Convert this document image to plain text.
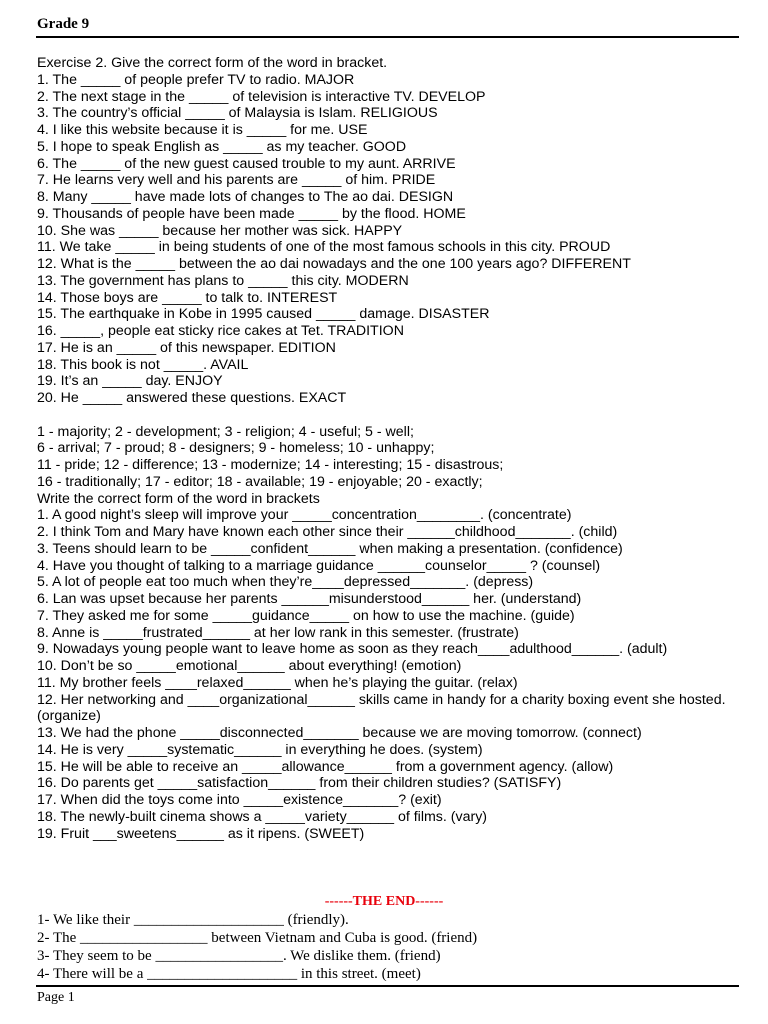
Grade 9
Exercise 2. Give the correct form of the word in bracket.
1. The _____ of people prefer TV to radio. MAJOR
2. The next stage in the _____ of television is interactive TV. DEVELOP
3. The country’s official _____ of Malaysia is Islam. RELIGIOUS
4. I like this website because it is _____ for me. USE
5. I hope to speak English as _____ as my teacher. GOOD
6. The _____ of the new guest caused trouble to my aunt. ARRIVE
7. He learns very well and his parents are _____ of him. PRIDE
8. Many _____ have made lots of changes to The ao dai. DESIGN
9. Thousands of people have been made _____ by the flood. HOME
10. She was _____ because her mother was sick. HAPPY
11. We take _____ in being students of one of the most famous schools in this city. PROUD
12. What is the _____ between the ao dai nowadays and the one 100 years ago? DIFFERENT
13. The government has plans to _____ this city. MODERN
14. Those boys are _____ to talk to. INTEREST
15. The earthquake in Kobe in 1995 caused _____ damage. DISASTER
16. _____, people eat sticky rice cakes at Tet. TRADITION
17. He is an _____ of this newspaper. EDITION
18. This book is not _____. AVAIL
19. It’s an _____ day. ENJOY
20. He _____ answered these questions. EXACT
1 - majority; 2 - development; 3 - religion; 4 - useful; 5 - well;
6 - arrival; 7 - proud; 8 - designers; 9 - homeless; 10 - unhappy;
11 - pride; 12 - difference; 13 - modernize; 14 - interesting; 15 - disastrous;
16 - traditionally; 17 - editor; 18 - available; 19 - enjoyable; 20 - exactly;
Write the correct form of the word in brackets
1. A good night’s sleep will improve your _____concentration________. (concentrate)
2. I think Tom and Mary have known each other since their ______childhood_______. (child)
3. Teens should learn to be _____confident______ when making a presentation. (confidence)
4. Have you thought of talking to a marriage guidance ______counselor_____ ? (counsel)
5. A lot of people eat too much when they’re____depressed_______. (depress)
6. Lan was upset because her parents ______misunderstood______ her. (understand)
7. They asked me for some _____guidance_____ on how to use the machine. (guide)
8. Anne is _____frustrated______ at her low rank in this semester. (frustrate)
9. Nowadays young people want to leave home as soon as they reach____adulthood______. (adult)
10. Don’t be so _____emotional______ about everything! (emotion)
11. My brother feels ____relaxed______ when he’s playing the guitar. (relax)
12. Her networking and ____organizational______ skills came in handy for a charity boxing event she hosted. (organize)
13. We had the phone _____disconnected_______ because we are moving tomorrow. (connect)
14. He is very _____systematic______ in everything he does. (system)
15. He will be able to receive an _____allowance______ from a government agency. (allow)
16. Do parents get _____satisfaction______ from their children studies? (SATISFY)
17. When did the toys come into _____existence_______? (exit)
18. The newly-built cinema shows a _____variety______ of films. (vary)
19. Fruit ___sweetens______ as it ripens. (SWEET)
------THE END------
1- We like their ____________________ (friendly).
2- The _________________ between Vietnam and Cuba is good. (friend)
3- They seem to be _________________. We dislike them. (friend)
4- There will be a ____________________ in this street. (meet)
Page 1
